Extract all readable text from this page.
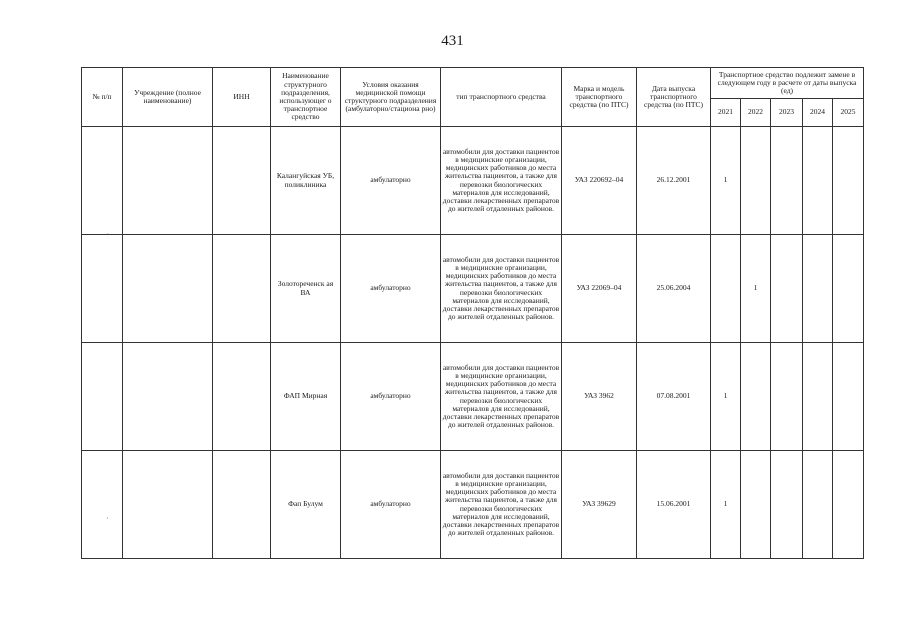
431
№ п/п	Учреждение (полное наименование)	ИНН	Наименование структурного подразделения, использующег о транспортное средство	Условия оказания медицинской помощи структурного подразделения (амбулаторно/стациона рно)	тип транспортного средства	Марка и модель транспортного средства (по ПТС)	Дата выпуска транспортного средства (по ПТС)	Транспортное средство подлежит замене в следующем году в расчете от даты выпуска (ед)				
								2021	2022	2023	2024	2025
			Калангуйская УБ, поликлиника	амбулаторно	автомобили для доставки пациентов в медицинские организации, медицинских работников до места жительства пациентов, а также для перевозки биологических материалов для исследований, доставки лекарственных препаратов до жителей отдаленных районов.	УАЗ 220692–04	26.12.2001	1				
			Золотореченск ая ВА	амбулаторно	автомобили для доставки пациентов в медицинские организации, медицинских работников до места жительства пациентов, а также для перевозки биологических материалов для исследований, доставки лекарственных препаратов до жителей отдаленных районов.	УАЗ 22069–04	25.06.2004		1			
			ФАП Мирная	амбулаторно	автомобили для доставки пациентов в медицинские организации, медицинских работников до места жительства пациентов, а также для перевозки биологических материалов для исследований, доставки лекарственных препаратов до жителей отдаленных районов.	УАЗ 3962	07.08.2001	1				
			Фап Булум	амбулаторно	автомобили для доставки пациентов в медицинские организации, медицинских работников до места жительства пациентов, а также для перевозки биологических материалов для исследований, доставки лекарственных препаратов до жителей отдаленных районов.	УАЗ 39629	15.06.2001	1				
·
·
